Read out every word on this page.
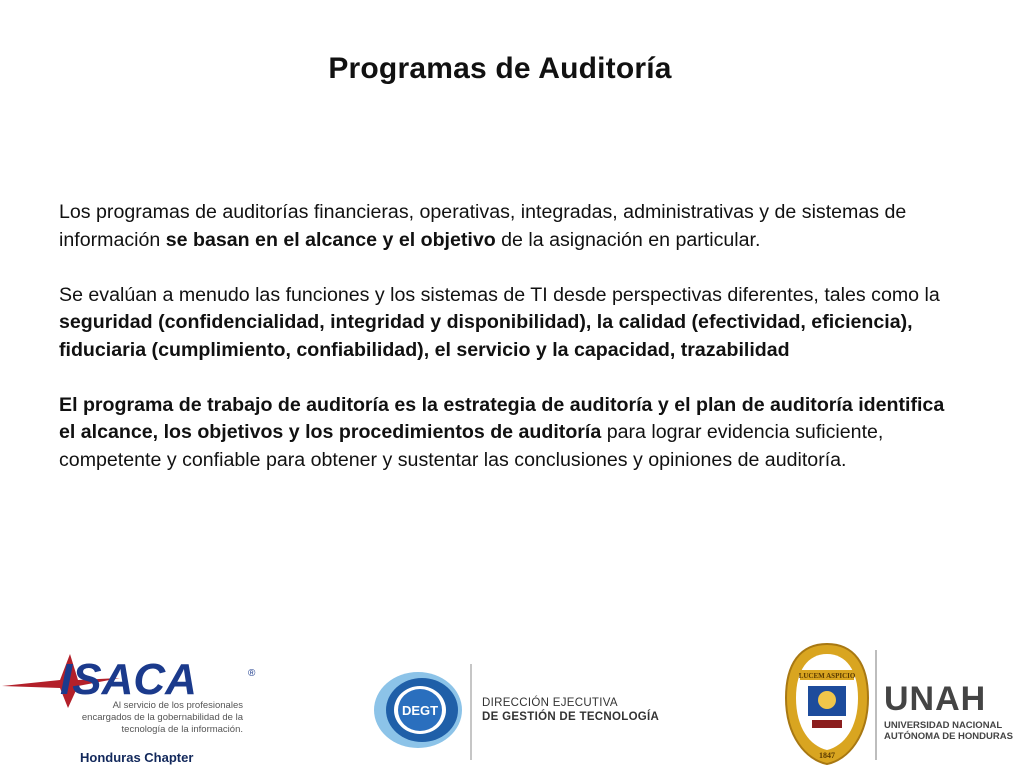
Programas de Auditoría

Los programas de auditorías financieras, operativas, integradas, administrativas y de sistemas de información se basan en el alcance y el objetivo de la asignación en particular.

Se evalúan a menudo las funciones y los sistemas de TI desde perspectivas diferentes, tales como la seguridad (confidencialidad, integridad y disponibilidad), la calidad (efectividad, eficiencia), fiduciaria (cumplimiento, confiabilidad), el servicio y la capacidad, trazabilidad

El programa de trabajo de auditoría es la estrategia de auditoría y el plan de auditoría identifica el alcance, los objetivos y los procedimientos de auditoría para lograr evidencia suficiente, competente y confiable para obtener y sustentar las conclusiones y opiniones de auditoría.

ISACA	®
Al servicio de los profesionales
encargados de la gobernabilidad de la
tecnología de la información.
Honduras Chapter
DEGT	DIRECCIÓN EJECUTIVA
DE GESTIÓN DE TECNOLOGÍA
LUCEM ASPICIO
1847
UNAH
UNIVERSIDAD NACIONAL
AUTÓNOMA DE HONDURAS
